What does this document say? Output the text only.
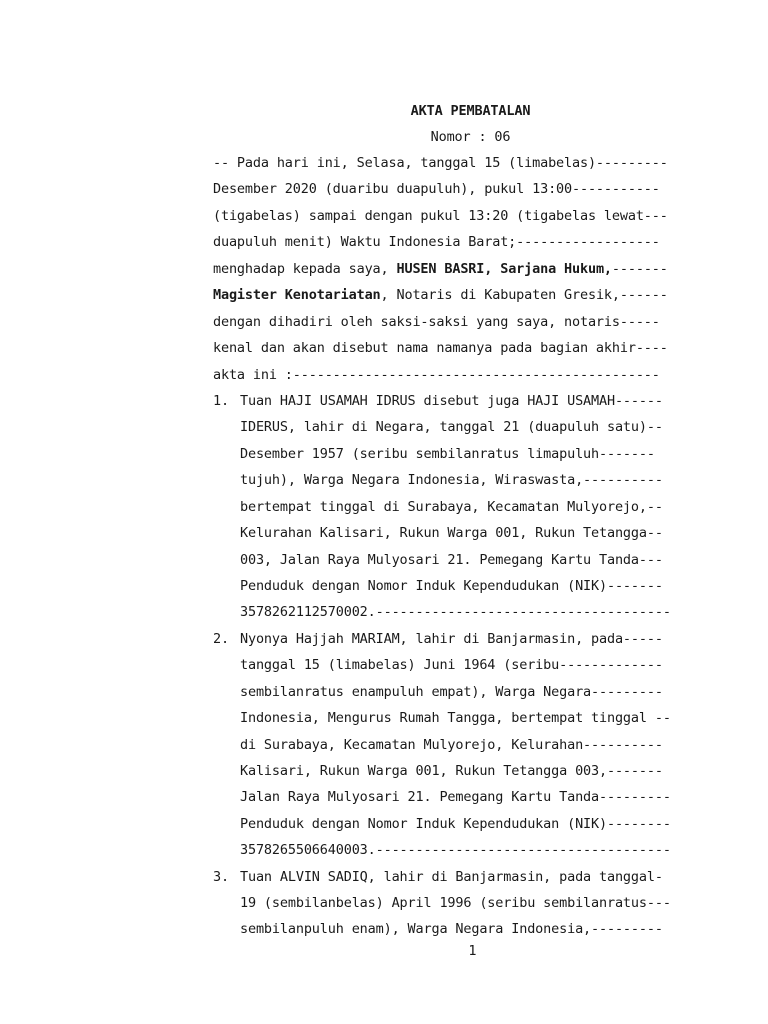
AKTA PEMBATALAN
Nomor : 06
-- Pada hari ini, Selasa, tanggal 15 (limabelas)---------
Desember 2020 (duaribu duapuluh), pukul 13:00-----------
(tigabelas) sampai dengan pukul 13:20 (tigabelas lewat---
duapuluh menit) Waktu Indonesia Barat;------------------
menghadap kepada saya, HUSEN BASRI, Sarjana Hukum,-------
Magister Kenotariatan, Notaris di Kabupaten Gresik,------
dengan dihadiri oleh saksi-saksi yang saya, notaris-----
kenal dan akan disebut nama namanya pada bagian akhir----
akta ini :----------------------------------------------
1. Tuan HAJI USAMAH IDRUS disebut juga HAJI USAMAH------
IDERUS, lahir di Negara, tanggal 21 (duapuluh satu)--
Desember 1957 (seribu sembilanratus limapuluh-------
tujuh), Warga Negara Indonesia, Wiraswasta,----------
bertempat tinggal di Surabaya, Kecamatan Mulyorejo,--
Kelurahan Kalisari, Rukun Warga 001, Rukun Tetangga--
003, Jalan Raya Mulyosari 21. Pemegang Kartu Tanda---
Penduduk dengan Nomor Induk Kependudukan (NIK)-------
3578262112570002.-------------------------------------
2. Nyonya Hajjah MARIAM, lahir di Banjarmasin, pada-----
tanggal 15 (limabelas) Juni 1964 (seribu-------------
sembilanratus enampuluh empat), Warga Negara---------
Indonesia, Mengurus Rumah Tangga, bertempat tinggal --
di Surabaya, Kecamatan Mulyorejo, Kelurahan----------
Kalisari, Rukun Warga 001, Rukun Tetangga 003,-------
Jalan Raya Mulyosari 21. Pemegang Kartu Tanda---------
Penduduk dengan Nomor Induk Kependudukan (NIK)--------
3578265506640003.-------------------------------------
3. Tuan ALVIN SADIQ, lahir di Banjarmasin, pada tanggal-
19 (sembilanbelas) April 1996 (seribu sembilanratus---
sembilanpuluh enam), Warga Negara Indonesia,---------
1
